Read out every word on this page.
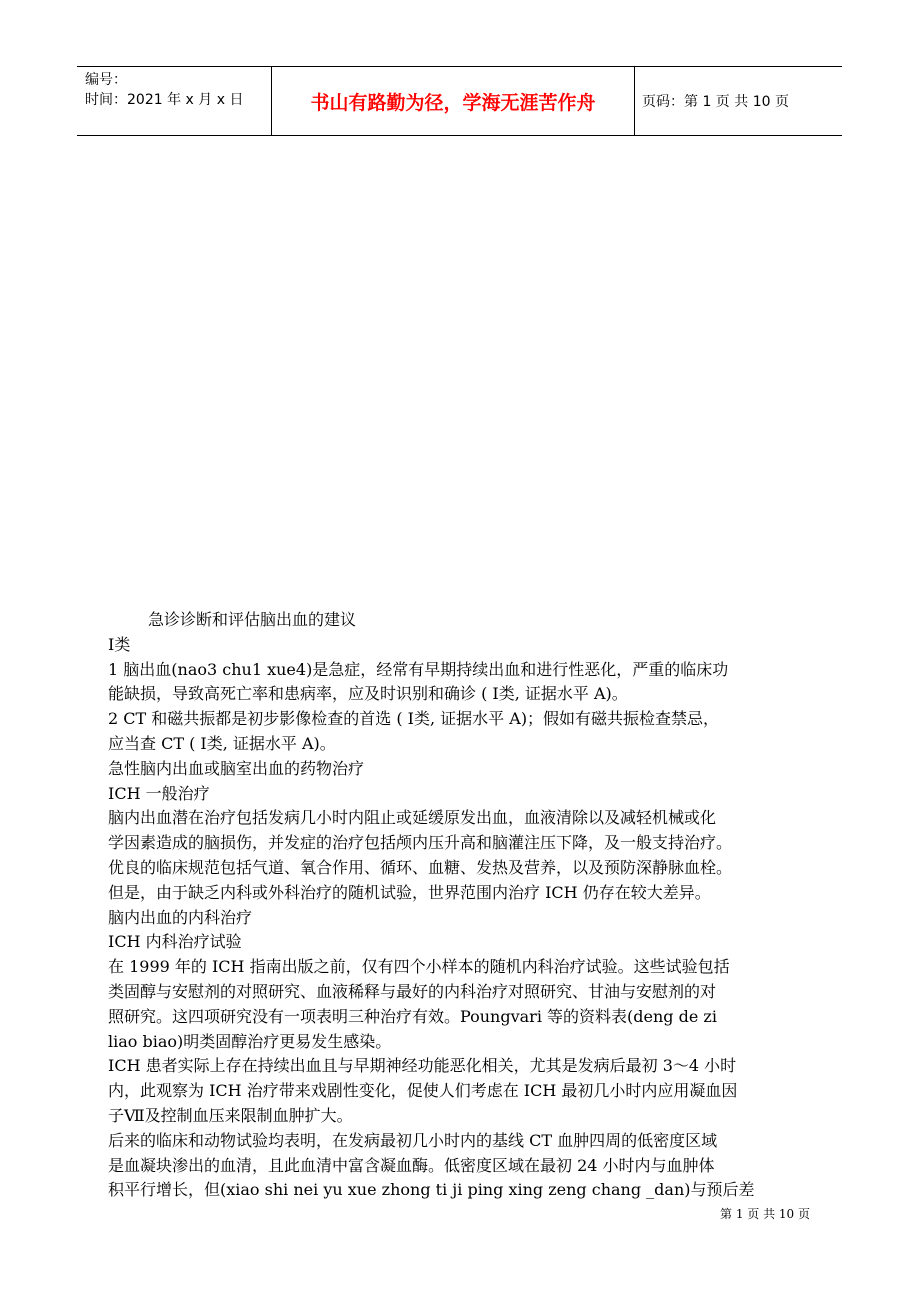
编号：
时间：2021 年 x 月 x 日	书山有路勤为径，学海无涯苦作舟	页码：第 1 页 共 10 页

急诊诊断和评估脑出血的建议

Ⅰ类

1 脑出血(nao3 chu1 xue4)是急症，经常有早期持续出血和进行性恶化，严重的临床功

能缺损，导致高死亡率和患病率，应及时识别和确诊 ( Ⅰ类, 证据水平 A)。

2 CT 和磁共振都是初步影像检查的首选 ( Ⅰ类, 证据水平 A)；假如有磁共振检查禁忌，

应当查 CT ( Ⅰ类, 证据水平 A)。

急性脑内出血或脑室出血的药物治疗

ICH 一般治疗

脑内出血潜在治疗包括发病几小时内阻止或延缓原发出血，血液清除以及减轻机械或化

学因素造成的脑损伤，并发症的治疗包括颅内压升高和脑灌注压下降，及一般支持治疗。

优良的临床规范包括气道、氧合作用、循环、血糖、发热及营养，以及预防深静脉血栓。

但是，由于缺乏内科或外科治疗的随机试验，世界范围内治疗 ICH 仍存在较大差异。

脑内出血的内科治疗

ICH 内科治疗试验

在 1999 年的 ICH 指南出版之前，仅有四个小样本的随机内科治疗试验。这些试验包括

类固醇与安慰剂的对照研究、血液稀释与最好的内科治疗对照研究、甘油与安慰剂的对

照研究。这四项研究没有一项表明三种治疗有效。Poungvari 等的资料表(deng de zi

liao biao)明类固醇治疗更易发生感染。

ICH 患者实际上存在持续出血且与早期神经功能恶化相关，尤其是发病后最初 3～4 小时

内，此观察为 ICH 治疗带来戏剧性变化，促使人们考虑在 ICH 最初几小时内应用凝血因

子Ⅶ及控制血压来限制血肿扩大。

后来的临床和动物试验均表明，在发病最初几小时内的基线 CT 血肿四周的低密度区域

是血凝块渗出的血清，且此血清中富含凝血酶。低密度区域在最初 24 小时内与血肿体

积平行增长，但(xiao shi nei yu xue zhong ti ji ping xing zeng chang _dan)与预后差

第 1 页 共 10 页
